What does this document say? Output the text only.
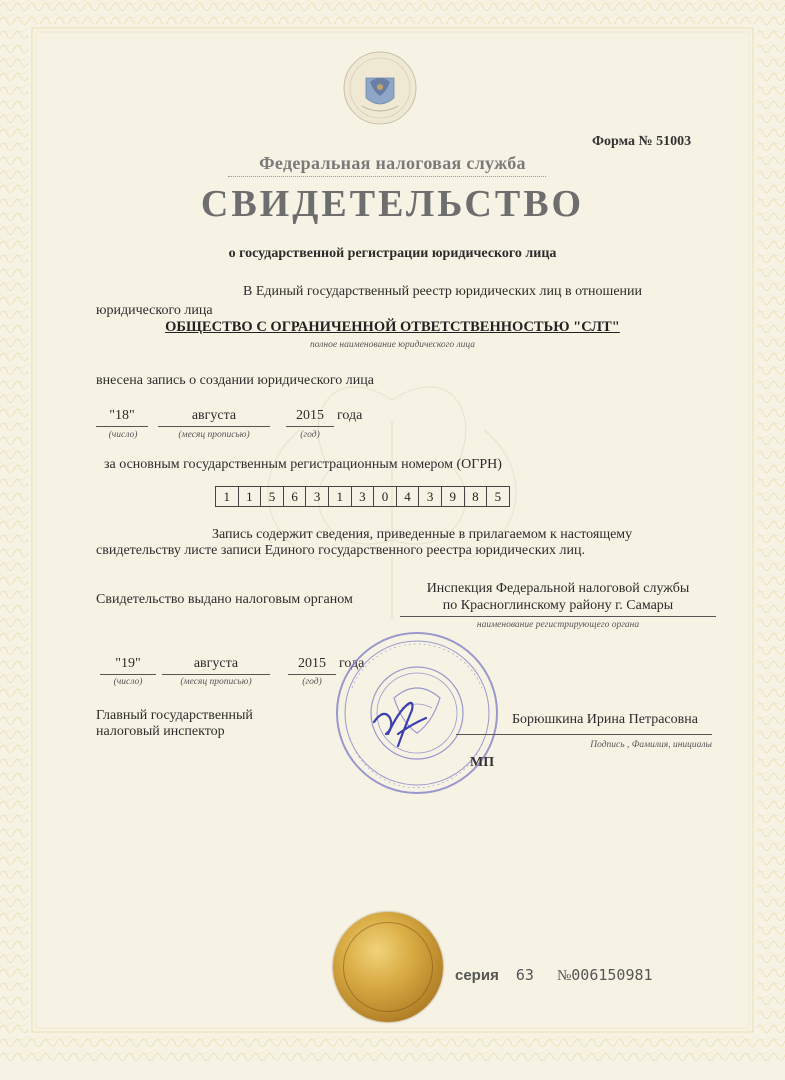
Форма № 51003
Федеральная налоговая служба
СВИДЕТЕЛЬСТВО
о государственной регистрации юридического лица
В Единый государственный реестр юридических лиц в отношении
юридического лица
ОБЩЕСТВО С ОГРАНИЧЕННОЙ ОТВЕТСТВЕННОСТЬЮ "СЛТ"
полное наименование юридического лица
внесена запись о создании юридического лица
"18"	августа	2015 года
(число)	(месяц прописью)	(год)
за основным государственным регистрационным номером (ОГРН)
1	1	5	6	3	1	3	0	4	3	9	8	5
Запись содержит сведения, приведенные в прилагаемом к настоящему
свидетельству листе записи Единого государственного реестра юридических лиц.
Свидетельство выдано налоговым органом
Инспекция Федеральной налоговой службы
по Красноглинскому району г. Самары
наименование регистрирующего органа
"19"	августа	2015 года
(число)	(месяц прописью)	(год)
Главный государственный
налоговый инспектор
Борюшкина Ирина Петрасовна
Подпись , Фамилия, инициалы
МП
серия 63 №006150981
